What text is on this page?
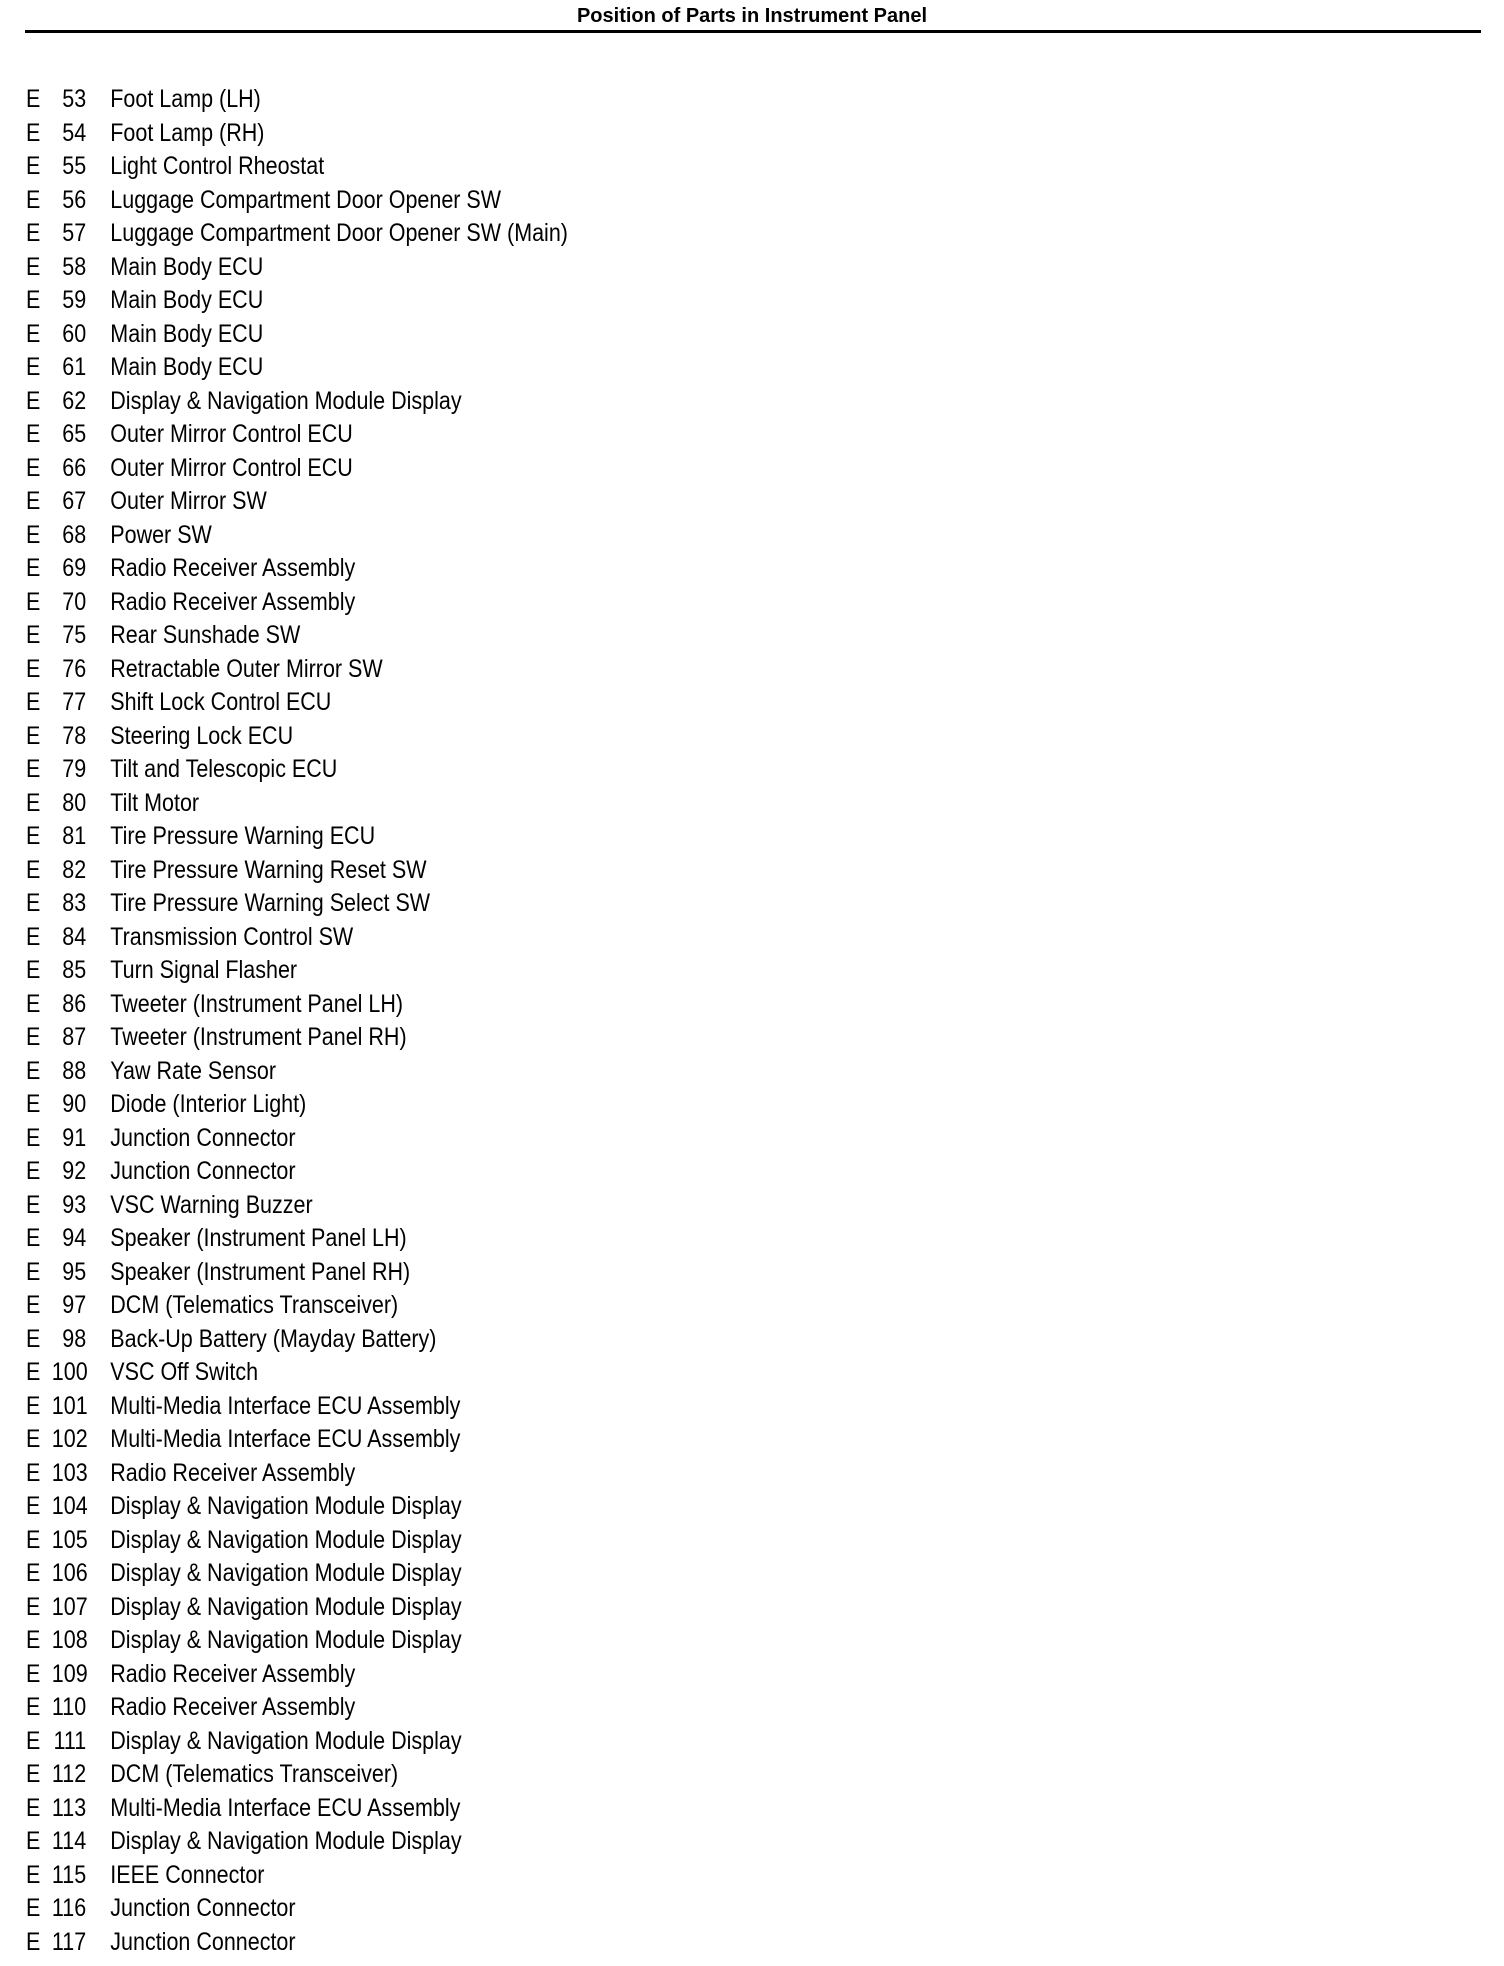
Position of Parts in Instrument Panel
E 53 Foot Lamp (LH)
E 54 Foot Lamp (RH)
E 55 Light Control Rheostat
E 56 Luggage Compartment Door Opener SW
E 57 Luggage Compartment Door Opener SW (Main)
E 58 Main Body ECU
E 59 Main Body ECU
E 60 Main Body ECU
E 61 Main Body ECU
E 62 Display & Navigation Module Display
E 65 Outer Mirror Control ECU
E 66 Outer Mirror Control ECU
E 67 Outer Mirror SW
E 68 Power SW
E 69 Radio Receiver Assembly
E 70 Radio Receiver Assembly
E 75 Rear Sunshade SW
E 76 Retractable Outer Mirror SW
E 77 Shift Lock Control ECU
E 78 Steering Lock ECU
E 79 Tilt and Telescopic ECU
E 80 Tilt Motor
E 81 Tire Pressure Warning ECU
E 82 Tire Pressure Warning Reset SW
E 83 Tire Pressure Warning Select SW
E 84 Transmission Control SW
E 85 Turn Signal Flasher
E 86 Tweeter (Instrument Panel LH)
E 87 Tweeter (Instrument Panel RH)
E 88 Yaw Rate Sensor
E 90 Diode (Interior Light)
E 91 Junction Connector
E 92 Junction Connector
E 93 VSC Warning Buzzer
E 94 Speaker (Instrument Panel LH)
E 95 Speaker (Instrument Panel RH)
E 97 DCM (Telematics Transceiver)
E 98 Back-Up Battery (Mayday Battery)
E 100 VSC Off Switch
E 101 Multi-Media Interface ECU Assembly
E 102 Multi-Media Interface ECU Assembly
E 103 Radio Receiver Assembly
E 104 Display & Navigation Module Display
E 105 Display & Navigation Module Display
E 106 Display & Navigation Module Display
E 107 Display & Navigation Module Display
E 108 Display & Navigation Module Display
E 109 Radio Receiver Assembly
E 110 Radio Receiver Assembly
E 111 Display & Navigation Module Display
E 112 DCM (Telematics Transceiver)
E 113 Multi-Media Interface ECU Assembly
E 114 Display & Navigation Module Display
E 115 IEEE Connector
E 116 Junction Connector
E 117 Junction Connector
